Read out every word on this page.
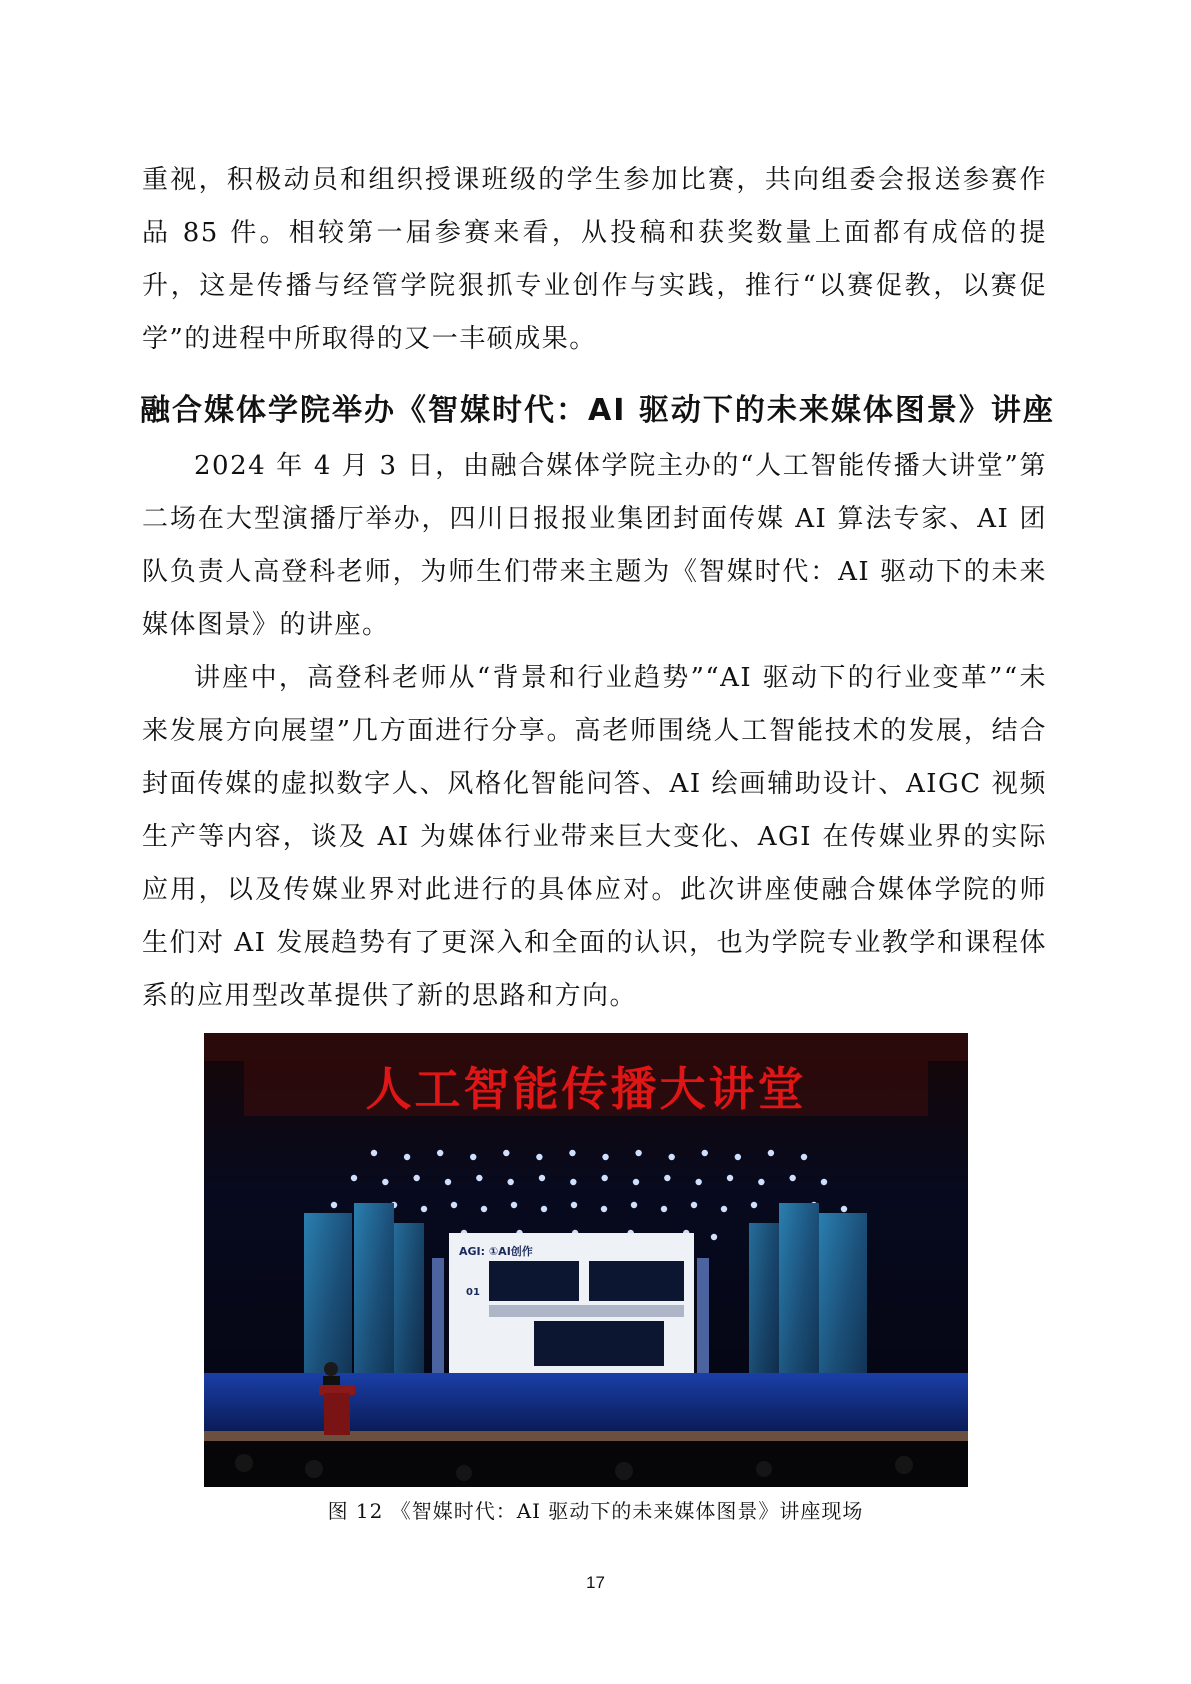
重视，积极动员和组织授课班级的学生参加比赛，共向组委会报送参赛作品 85 件。相较第一届参赛来看，从投稿和获奖数量上面都有成倍的提升，这是传播与经管学院狠抓专业创作与实践，推行“以赛促教，以赛促学”的进程中所取得的又一丰硕成果。

融合媒体学院举办《智媒时代：AI 驱动下的未来媒体图景》讲座

2024 年 4 月 3 日，由融合媒体学院主办的“人工智能传播大讲堂”第二场在大型演播厅举办，四川日报报业集团封面传媒 AI 算法专家、AI 团队负责人高登科老师，为师生们带来主题为《智媒时代：AI 驱动下的未来媒体图景》的讲座。

讲座中，高登科老师从“背景和行业趋势”“AI 驱动下的行业变革”“未来发展方向展望”几方面进行分享。高老师围绕人工智能技术的发展，结合封面传媒的虚拟数字人、风格化智能问答、AI 绘画辅助设计、AIGC 视频生产等内容，谈及 AI 为媒体行业带来巨大变化、AGI 在传媒业界的实际应用，以及传媒业界对此进行的具体应对。此次讲座使融合媒体学院的师生们对 AI 发展趋势有了更深入和全面的认识，也为学院专业教学和课程体系的应用型改革提供了新的思路和方向。

人工智能传播大讲堂
AGI: ①AI创作
01
图 12 《智媒时代：AI 驱动下的未来媒体图景》讲座现场
17
